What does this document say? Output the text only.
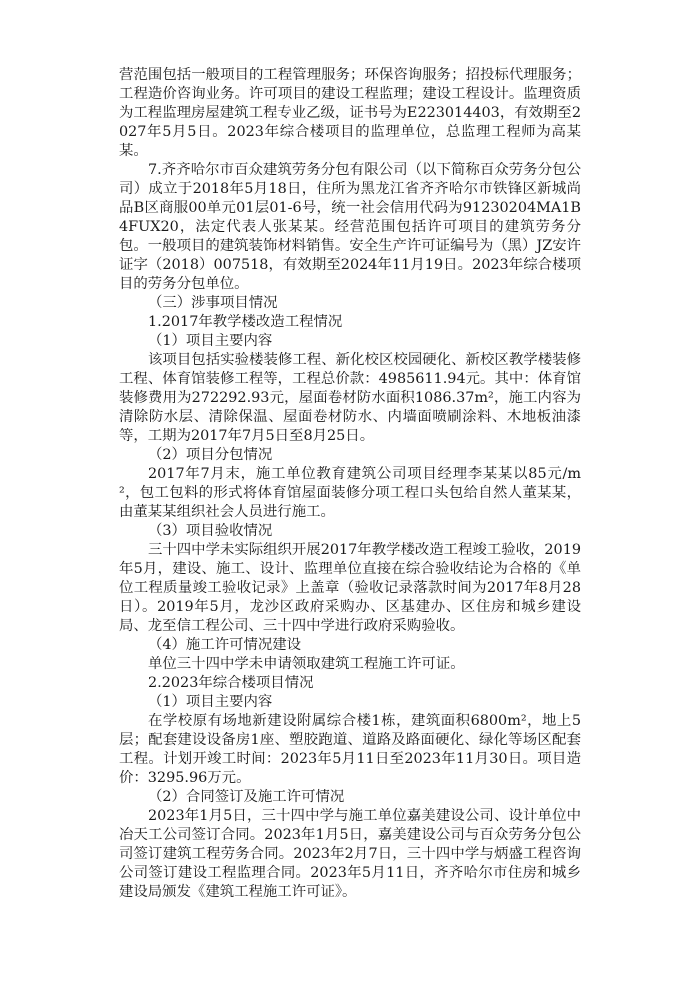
营范围包括一般项目的工程管理服务；环保咨询服务；招投标代理服务；工程造价咨询业务。许可项目的建设工程监理；建设工程设计。监理资质为工程监理房屋建筑工程专业乙级，证书号为E223014403，有效期至2027年5月5日。2023年综合楼项目的监理单位，总监理工程师为高某某。

7.齐齐哈尔市百众建筑劳务分包有限公司（以下简称百众劳务分包公司）成立于2018年5月18日，住所为黑龙江省齐齐哈尔市铁锋区新城尚品B区商服00单元01层01-6号，统一社会信用代码为91230204MA1B4FUX20，法定代表人张某某。经营范围包括许可项目的建筑劳务分包。一般项目的建筑装饰材料销售。安全生产许可证编号为（黑）JZ安许证字（2018）007518，有效期至2024年11月19日。2023年综合楼项目的劳务分包单位。

（三）涉事项目情况

1.2017年教学楼改造工程情况

（1）项目主要内容

该项目包括实验楼装修工程、新化校区校园硬化、新校区教学楼装修工程、体育馆装修工程等，工程总价款：4985611.94元。其中：体育馆装修费用为272292.93元，屋面卷材防水面积1086.37m²，施工内容为清除防水层、清除保温、屋面卷材防水、内墙面喷刷涂料、木地板油漆等，工期为2017年7月5日至8月25日。

（2）项目分包情况

2017年7月末，施工单位教育建筑公司项目经理李某某以85元/m²，包工包料的形式将体育馆屋面装修分项工程口头包给自然人董某某，由董某某组织社会人员进行施工。

（3）项目验收情况

三十四中学未实际组织开展2017年教学楼改造工程竣工验收，2019年5月，建设、施工、设计、监理单位直接在综合验收结论为合格的《单位工程质量竣工验收记录》上盖章（验收记录落款时间为2017年8月28日）。2019年5月，龙沙区政府采购办、区基建办、区住房和城乡建设局、龙至信工程公司、三十四中学进行政府采购验收。

（4）施工许可情况建设

单位三十四中学未申请领取建筑工程施工许可证。

2.2023年综合楼项目情况

（1）项目主要内容

在学校原有场地新建设附属综合楼1栋，建筑面积6800m²，地上5层；配套建设设备房1座、塑胶跑道、道路及路面硬化、绿化等场区配套工程。计划开竣工时间：2023年5月11日至2023年11月30日。项目造价：3295.96万元。

（2）合同签订及施工许可情况

2023年1月5日，三十四中学与施工单位嘉美建设公司、设计单位中冶天工公司签订合同。2023年1月5日，嘉美建设公司与百众劳务分包公司签订建筑工程劳务合同。2023年2月7日，三十四中学与炳盛工程咨询公司签订建设工程监理合同。2023年5月11日，齐齐哈尔市住房和城乡建设局颁发《建筑工程施工许可证》。
